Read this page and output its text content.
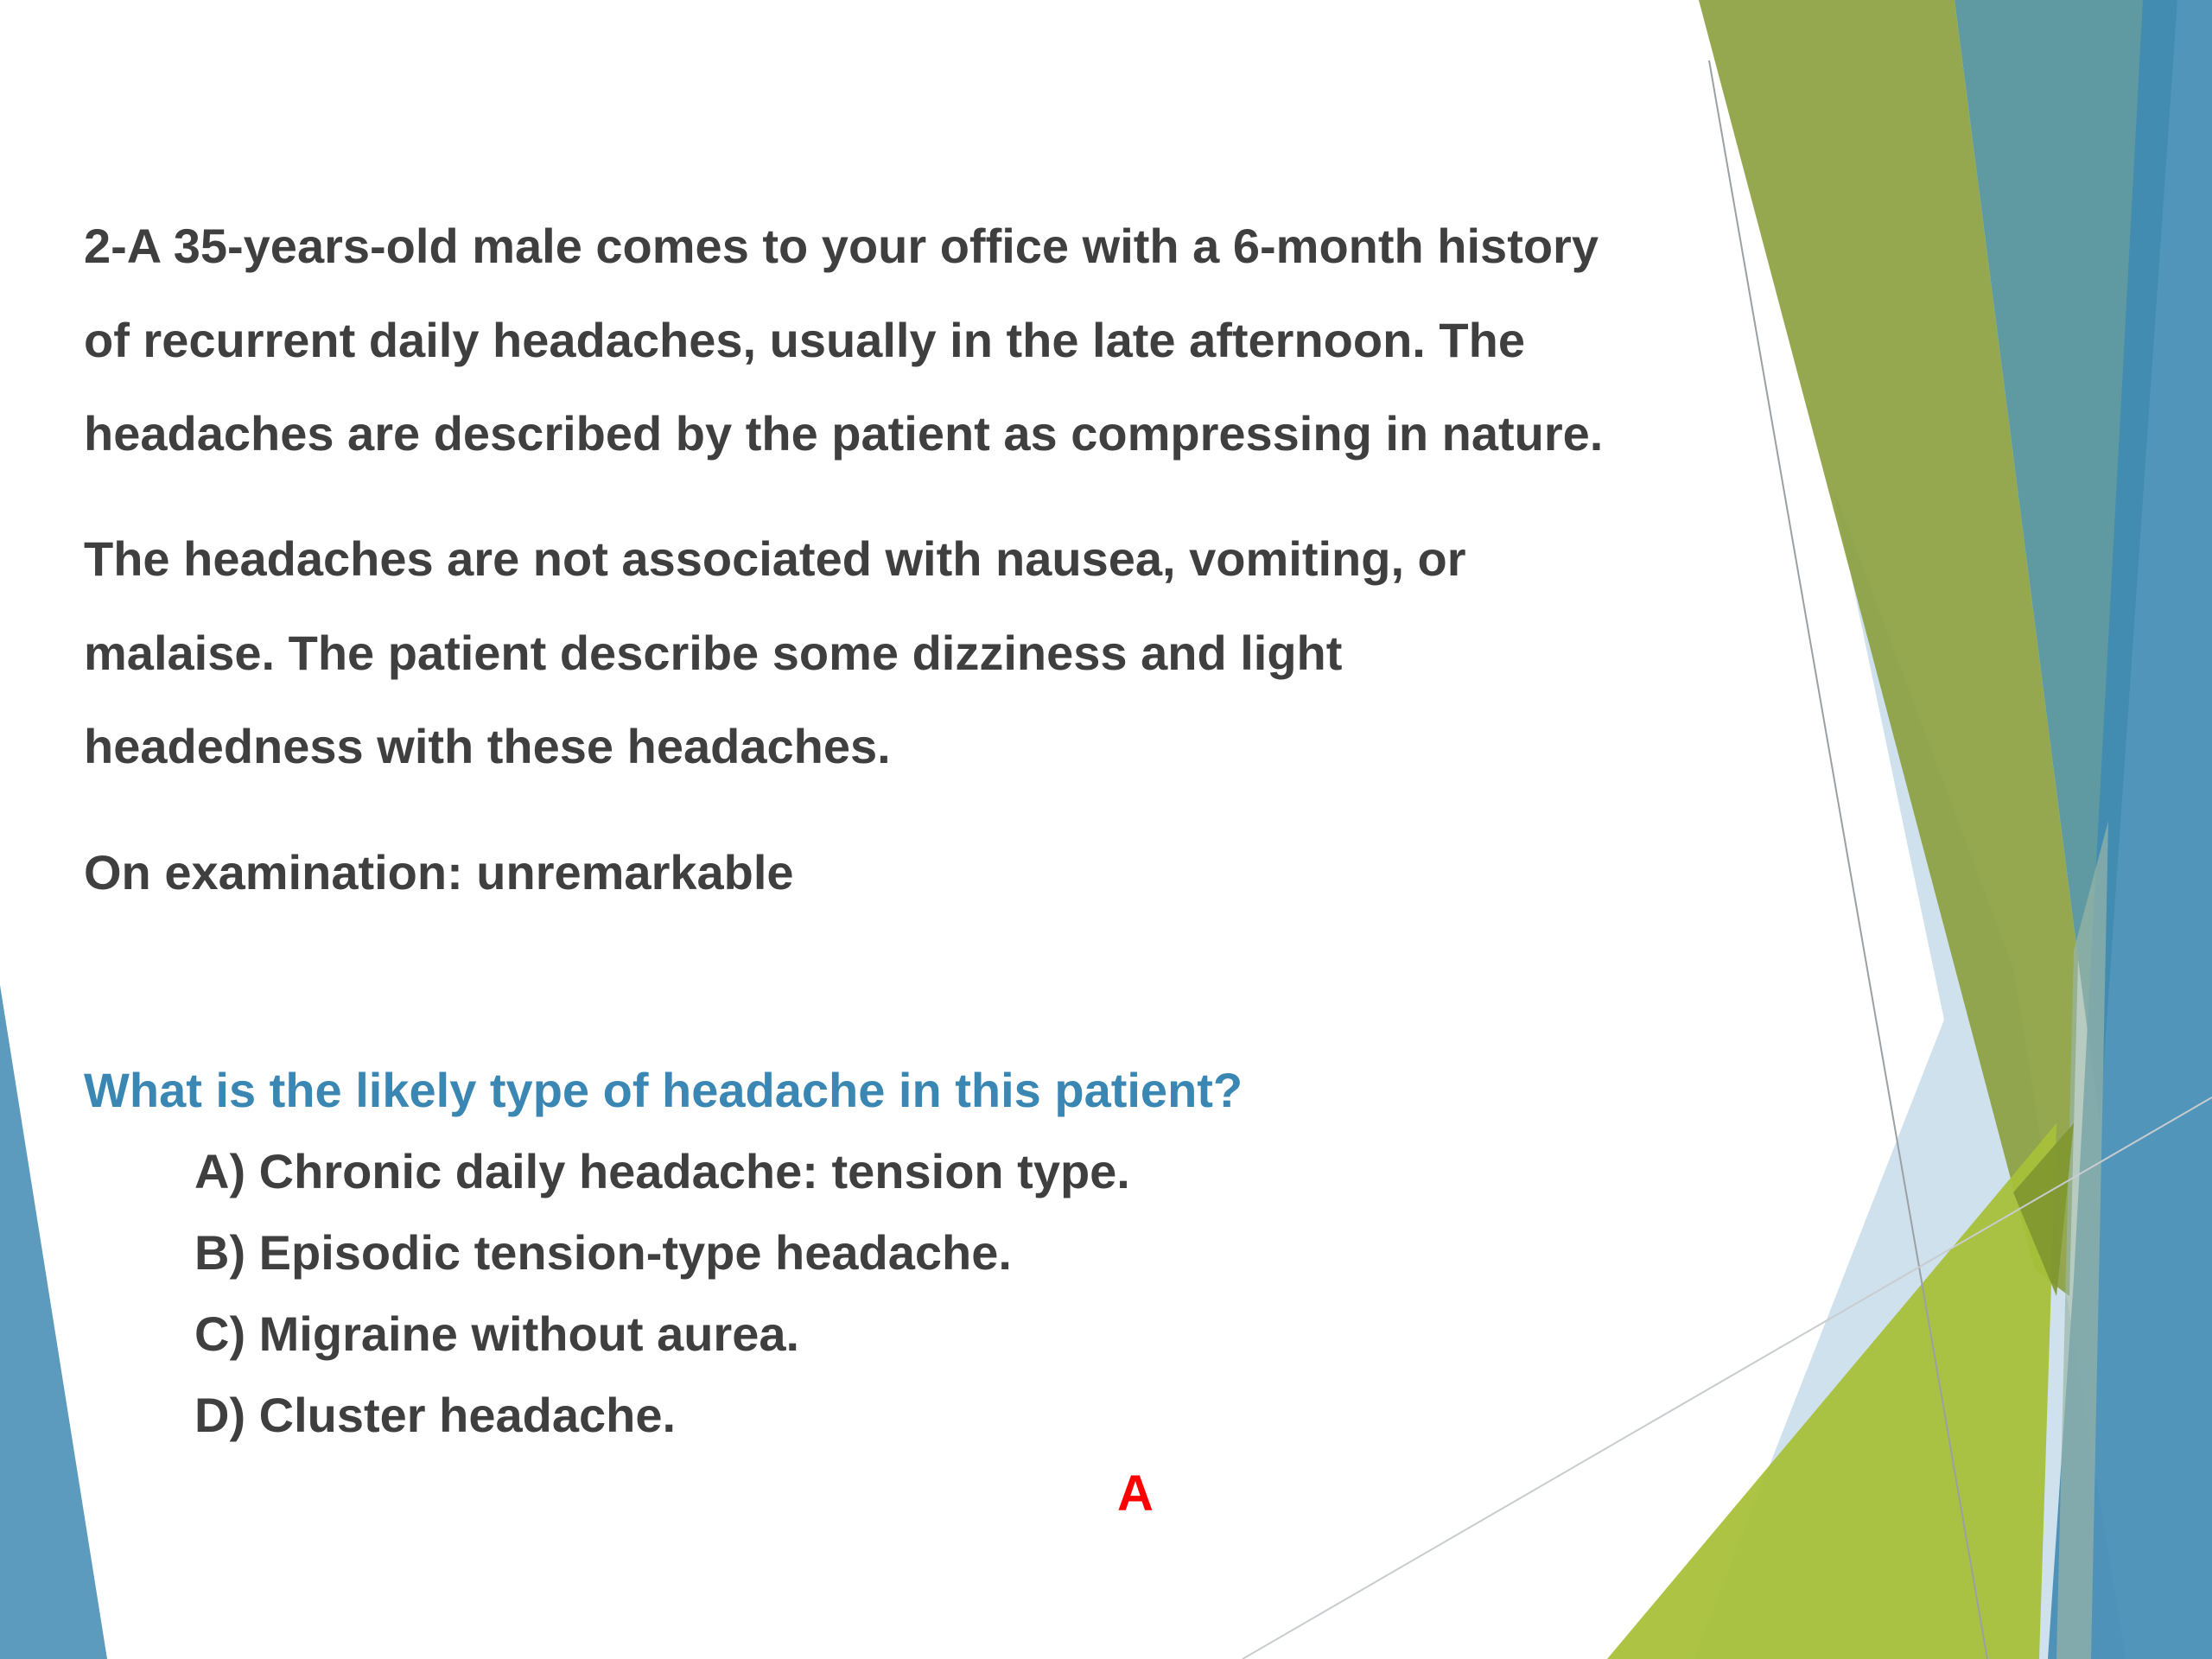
2-A 35-years-old male comes to your office with a 6-month history
of recurrent daily headaches, usually in the late afternoon. The
headaches are described by the patient as compressing in nature.
The headaches are not associated with nausea, vomiting, or
malaise. The patient describe some dizziness and light
headedness with these headaches.
On examination: unremarkable
What is the likely type of headache in this patient?
A) Chronic daily headache: tension type.
B) Episodic tension-type headache.
C) Migraine without aurea.
D) Cluster headache.
A
